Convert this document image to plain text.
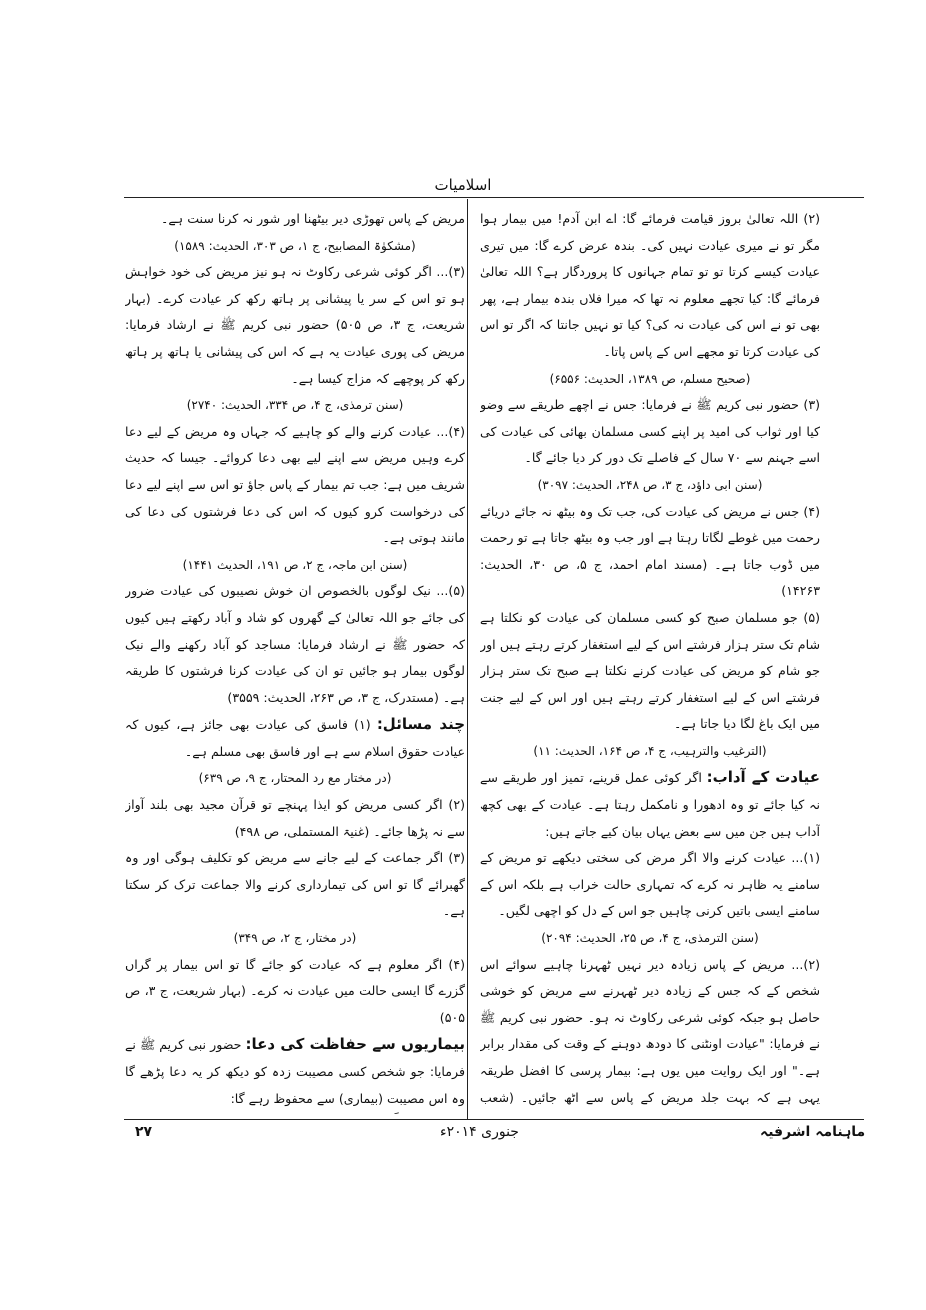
اسلامیات

(۲) اللہ تعالیٰ بروز قیامت فرمائے گا: اے ابن آدم! میں بیمار ہوا مگر تو نے میری عیادت نہیں کی۔ بندہ عرض کرے گا: میں تیری عیادت کیسے کرتا تو تو تمام جہانوں کا پروردگار ہے؟ اللہ تعالیٰ فرمائے گا: کیا تجھے معلوم نہ تھا کہ میرا فلاں بندہ بیمار ہے، پھر بھی تو نے اس کی عیادت نہ کی؟ کیا تو نہیں جانتا کہ اگر تو اس کی عیادت کرتا تو مجھے اس کے پاس پاتا۔

(صحیح مسلم، ص ۱۳۸۹، الحدیث: ۶۵۵۶)

(۳) حضور نبی کریم ﷺ نے فرمایا: جس نے اچھے طریقے سے وضو کیا اور ثواب کی امید پر اپنے کسی مسلمان بھائی کی عیادت کی اسے جہنم سے ۷۰ سال کے فاصلے تک دور کر دیا جائے گا۔

(سنن ابی داؤد، ج ۳، ص ۲۴۸، الحدیث: ۳۰۹۷)

(۴) جس نے مریض کی عیادت کی، جب تک وہ بیٹھ نہ جائے دریائے رحمت میں غوطے لگاتا رہتا ہے اور جب وہ بیٹھ جاتا ہے تو رحمت میں ڈوب جاتا ہے۔ (مسند امام احمد، ج ۵، ص ۳۰، الحدیث: ۱۴۲۶۳)

(۵) جو مسلمان صبح کو کسی مسلمان کی عیادت کو نکلتا ہے شام تک ستر ہزار فرشتے اس کے لیے استغفار کرتے رہتے ہیں اور جو شام کو مریض کی عیادت کرنے نکلتا ہے صبح تک ستر ہزار فرشتے اس کے لیے استغفار کرتے رہتے ہیں اور اس کے لیے جنت میں ایک باغ لگا دیا جاتا ہے۔

(الترغیب والترہیب، ج ۴، ص ۱۶۴، الحدیث: ۱۱)

عیادت کے آداب: اگر کوئی عمل قرینے، تمیز اور طریقے سے نہ کیا جائے تو وہ ادھورا و نامکمل رہتا ہے۔ عیادت کے بھی کچھ آداب ہیں جن میں سے بعض یہاں بیان کیے جاتے ہیں:

(۱)... عیادت کرنے والا اگر مرض کی سختی دیکھے تو مریض کے سامنے یہ ظاہر نہ کرے کہ تمہاری حالت خراب ہے بلکہ اس کے سامنے ایسی باتیں کرنی چاہیں جو اس کے دل کو اچھی لگیں۔

(سنن الترمذی، ج ۴، ص ۲۵، الحدیث: ۲۰۹۴)

(۲)... مریض کے پاس زیادہ دیر نہیں ٹھہرنا چاہیے سوائے اس شخص کے کہ جس کے زیادہ دیر ٹھہرنے سے مریض کو خوشی حاصل ہو جبکہ کوئی شرعی رکاوٹ نہ ہو۔ حضور نبی کریم ﷺ نے فرمایا: "عیادت اونٹنی کا دودھ دوہنے کے وقت کی مقدار برابر ہے۔" اور ایک روایت میں یوں ہے: بیمار پرسی کا افضل طریقہ یہی ہے کہ بہت جلد مریض کے پاس سے اٹھ جائیں۔ (شعب

مریض کے پاس تھوڑی دیر بیٹھنا اور شور نہ کرنا سنت ہے۔

(مشکوٰۃ المصابیح، ج ۱، ص ۳۰۳، الحدیث: ۱۵۸۹)

(۳)... اگر کوئی شرعی رکاوٹ نہ ہو نیز مریض کی خود خواہش ہو تو اس کے سر یا پیشانی پر ہاتھ رکھ کر عیادت کرے۔ (بہار شریعت، ج ۳، ص ۵۰۵) حضور نبی کریم ﷺ نے ارشاد فرمایا: مریض کی پوری عیادت یہ ہے کہ اس کی پیشانی یا ہاتھ پر ہاتھ رکھ کر پوچھے کہ مزاج کیسا ہے۔

(سنن ترمذی، ج ۴، ص ۳۳۴، الحدیث: ۲۷۴۰)

(۴)... عیادت کرنے والے کو چاہیے کہ جہاں وہ مریض کے لیے دعا کرے وہیں مریض سے اپنے لیے بھی دعا کروائے۔ جیسا کہ حدیث شریف میں ہے: جب تم بیمار کے پاس جاؤ تو اس سے اپنے لیے دعا کی درخواست کرو کیوں کہ اس کی دعا فرشتوں کی دعا کی مانند ہوتی ہے۔

(سنن ابن ماجہ، ج ۲، ص ۱۹۱، الحدیث ۱۴۴۱)

(۵)... نیک لوگوں بالخصوص ان خوش نصیبوں کی عیادت ضرور کی جائے جو اللہ تعالیٰ کے گھروں کو شاد و آباد رکھتے ہیں کیوں کہ حضور ﷺ نے ارشاد فرمایا: مساجد کو آباد رکھنے والے نیک لوگوں بیمار ہو جائیں تو ان کی عیادت کرنا فرشتوں کا طریقہ ہے۔ (مستدرک، ج ۳، ص ۲۶۳، الحدیث: ۳۵۵۹)

چند مسائل: (۱) فاسق کی عیادت بھی جائز ہے، کیوں کہ عیادت حقوق اسلام سے ہے اور فاسق بھی مسلم ہے۔

(در مختار مع رد المحتار، ج ۹، ص ۶۳۹)

(۲) اگر کسی مریض کو ایذا پہنچے تو قرآن مجید بھی بلند آواز سے نہ پڑھا جائے۔ (غنیۃ المستملی، ص ۴۹۸)

(۳) اگر جماعت کے لیے جانے سے مریض کو تکلیف ہوگی اور وہ گھبرائے گا تو اس کی تیمارداری کرنے والا جماعت ترک کر سکتا ہے۔

(در مختار، ج ۲، ص ۳۴۹)

(۴) اگر معلوم ہے کہ عیادت کو جائے گا تو اس بیمار پر گراں گزرے گا ایسی حالت میں عیادت نہ کرے۔ (بہار شریعت، ج ۳، ص ۵۰۵)

بیماریوں سے حفاظت کی دعا: حضور نبی کریم ﷺ نے فرمایا: جو شخص کسی مصیبت زدہ کو دیکھ کر یہ دعا پڑھے گا وہ اس مصیبت (بیماری) سے محفوظ رہے گا:

ماہنامہ اشرفیہ
جنوری ۲۰۱۴ء
۲۷
